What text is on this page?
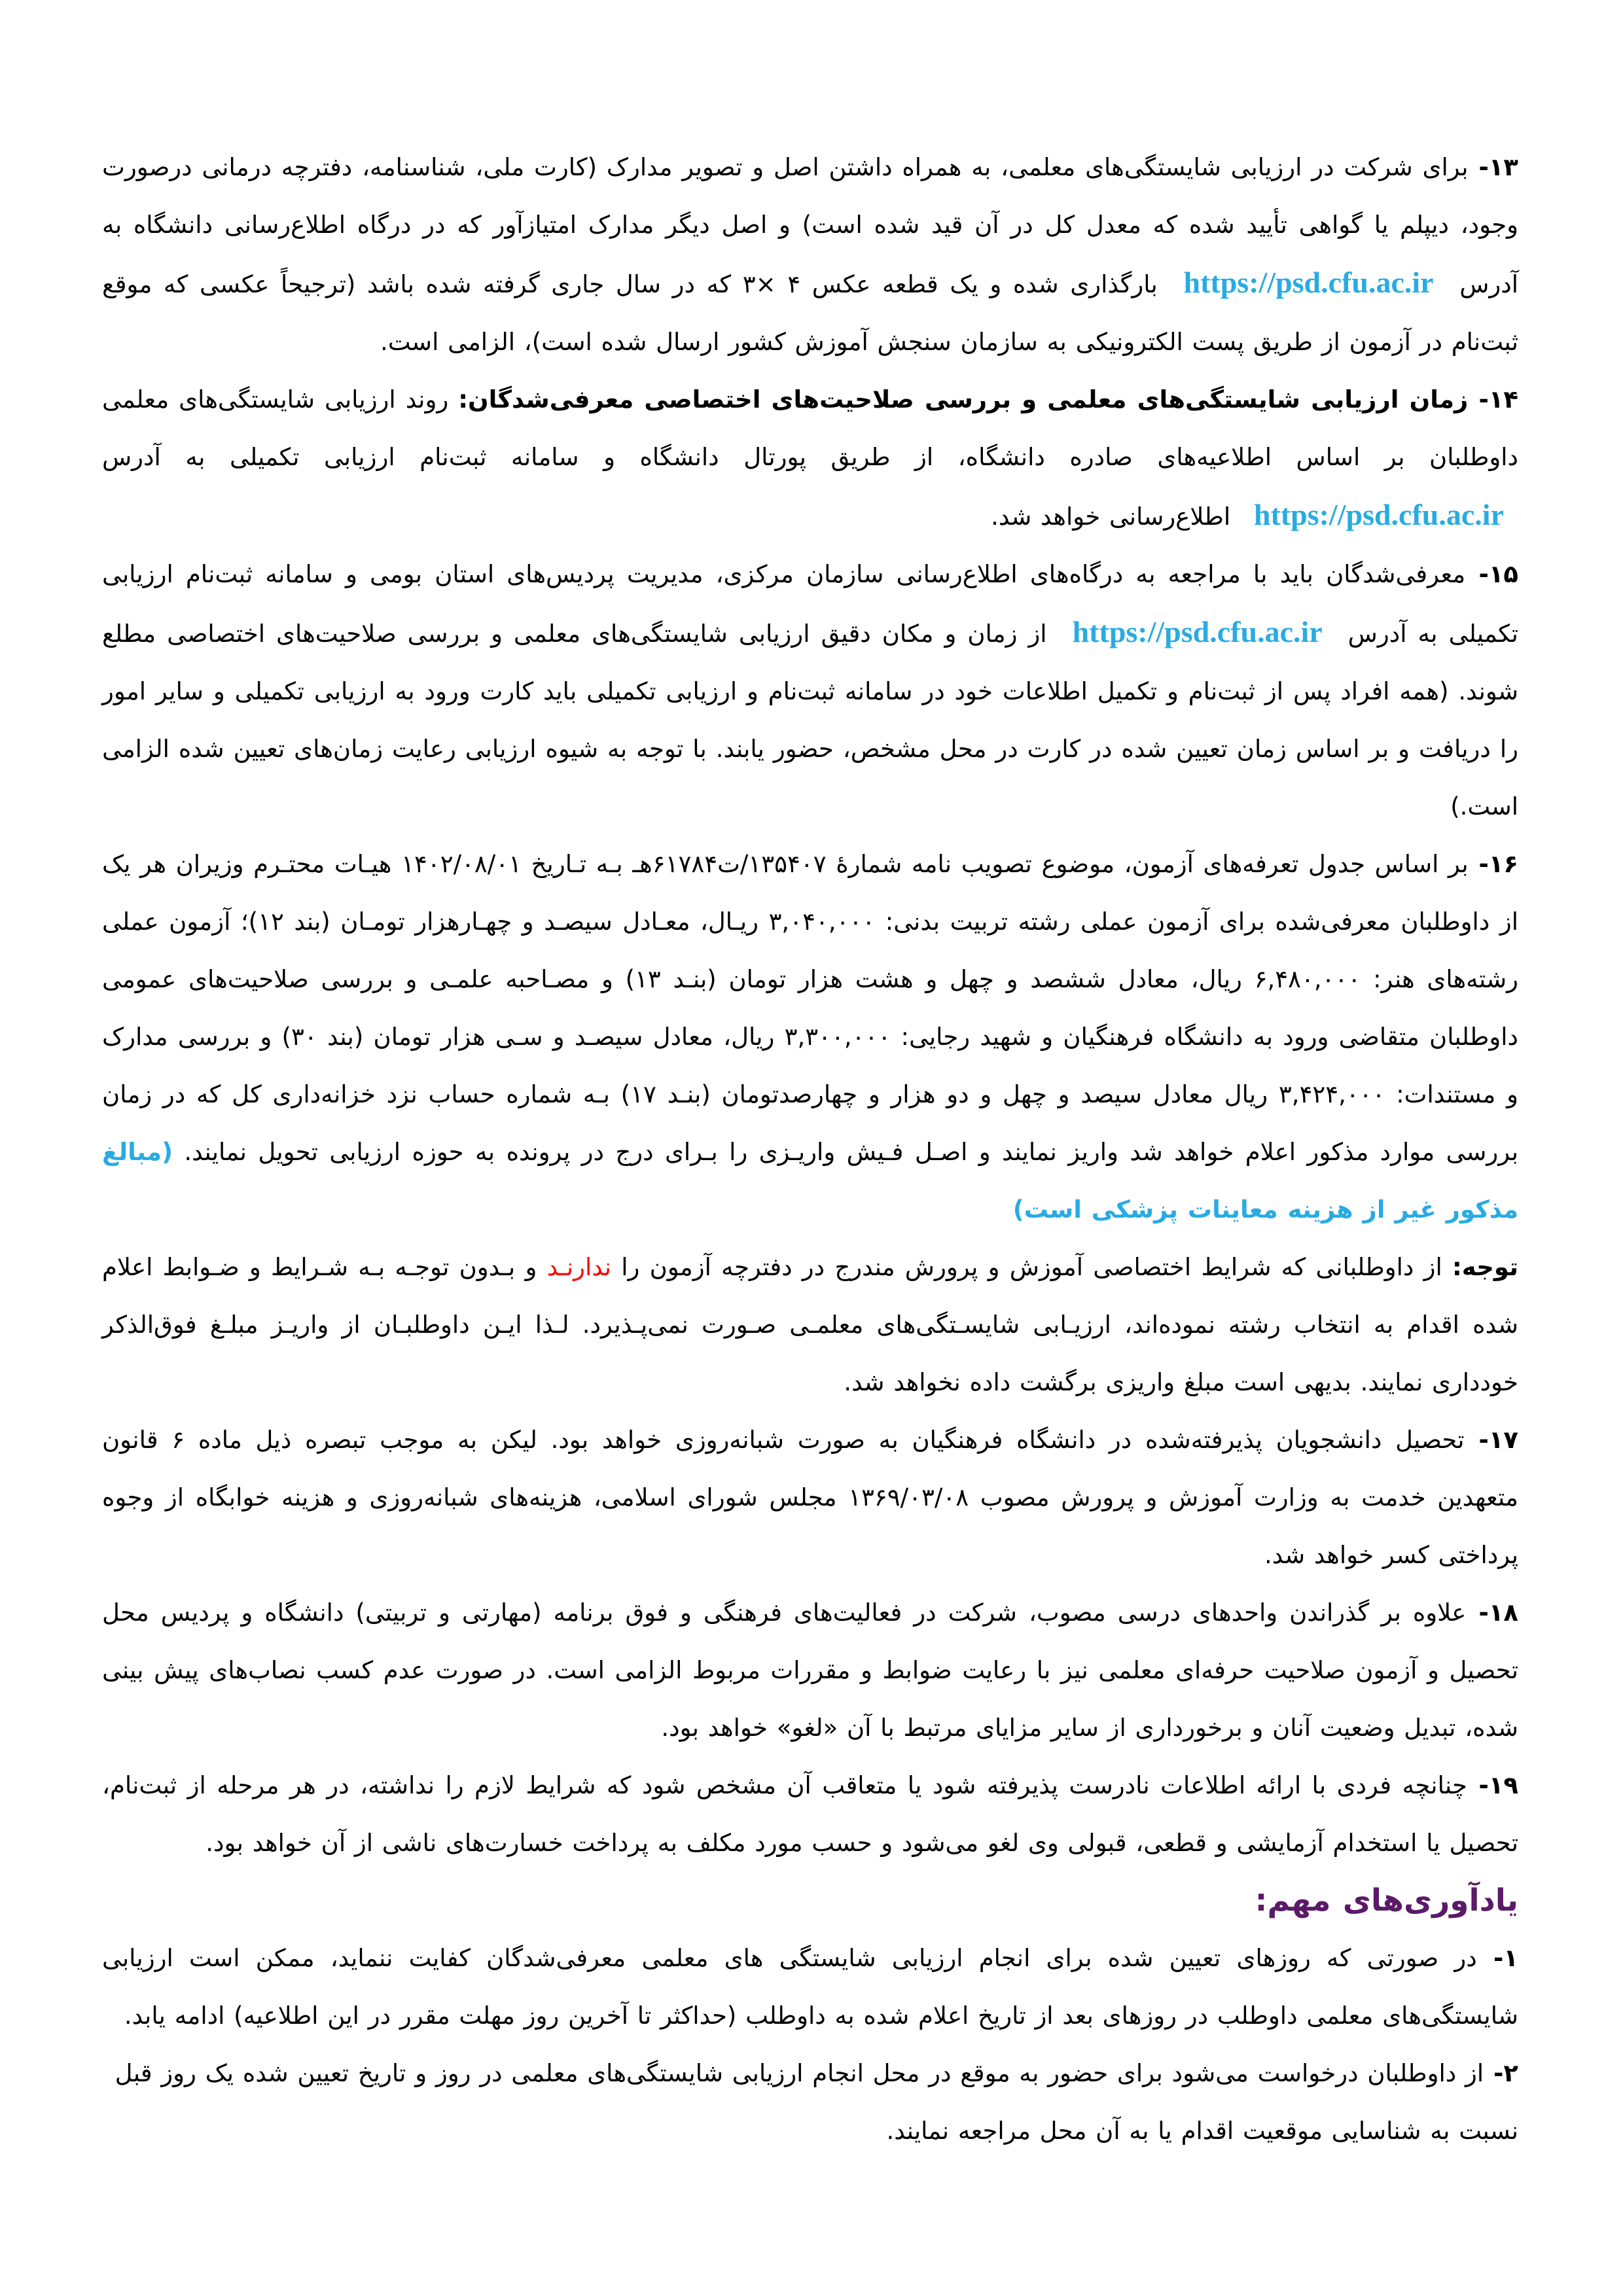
۱۳- برای شرکت در ارزیابی شایستگی‌های معلمی، به همراه داشتن اصل و تصویر مدارک (کارت ملی، شناسنامه، دفترچه درمانی درصورت وجود، دیپلم یا گواهی تأیید شده که معدل کل در آن قید شده است) و اصل دیگر مدارک امتیازآور که در درگاه اطلاع‌رسانی دانشگاه به آدرس https://psd.cfu.ac.ir بارگذاری شده و یک قطعه عکس ۴ ×۳ که در سال جاری گرفته شده باشد (ترجیحاً عکسی که موقع ثبت‌نام در آزمون از طریق پست الکترونیکی به سازمان سنجش آموزش کشور ارسال شده است)، الزامی است.

۱۴- زمان ارزیابی شایستگی‌های معلمی و بررسی صلاحیت‌های اختصاصی معرفی‌شدگان: روند ارزیابی شایستگی‌های معلمی داوطلبان بر اساس اطلاعیه‌های صادره دانشگاه، از طریق پورتال دانشگاه و سامانه ثبت‌نام ارزیابی تکمیلی به آدرس https://psd.cfu.ac.ir اطلاع‌رسانی خواهد شد.

۱۵- معرفی‌شدگان باید با مراجعه به درگاه‌های اطلاع‌رسانی سازمان مرکزی، مدیریت پردیس‌های استان بومی و سامانه ثبت‌نام ارزیابی تکمیلی به آدرس https://psd.cfu.ac.ir از زمان و مکان دقیق ارزیابی شایستگی‌های معلمی و بررسی صلاحیت‌های اختصاصی مطلع شوند. (همه افراد پس از ثبت‌نام و تکمیل اطلاعات خود در سامانه ثبت‌نام و ارزیابی تکمیلی باید کارت ورود به ارزیابی تکمیلی و سایر امور را دریافت و بر اساس زمان تعیین شده در کارت در محل مشخص، حضور یابند. با توجه به شیوه ارزیابی رعایت زمان‌های تعیین شده الزامی است.)

۱۶- بر اساس جدول تعرفه‌های آزمون، موضوع تصویب نامه شمارهٔ ۱۳۵۴۰۷/ت۶۱۷۸۴هـ بـه تـاریخ ۱۴۰۲/۰۸/۰۱ هیـات محتـرم وزیران هر یک از داوطلبان معرفی‌شده برای آزمون عملی رشته تربیت بدنی: ۳,۰۴۰,۰۰۰ ریـال، معـادل سیصـد و چهـارهزار تومـان (بند ۱۲)؛ آزمون عملی رشته‌های هنر: ۶,۴۸۰,۰۰۰ ریال، معادل ششصد و چهل و هشت هزار تومان (بنـد ۱۳) و مصـاحبه علمـی و بررسی صلاحیت‌های عمومی داوطلبان متقاضی ورود به دانشگاه فرهنگیان و شهید رجایی: ۳,۳۰۰,۰۰۰ ریال، معادل سیصـد و سـی هزار تومان (بند ۳۰) و بررسی مدارک و مستندات: ۳,۴۲۴,۰۰۰ ریال معادل سیصد و چهل و دو هزار و چهارصدتومان (بنـد ۱۷) بـه شماره حساب نزد خزانه‌داری کل که در زمان بررسی موارد مذکور اعلام خواهد شد واریز نمایند و اصـل فـیش واریـزی را بـرای درج در پرونده به حوزه ارزیابی تحویل نمایند. (مبالغ مذکور غیر از هزینه معاینات پزشکی است)

توجه: از داوطلبانی که شرایط اختصاصی آموزش و پرورش مندرج در دفترچه آزمون را ندارنـد و بـدون توجـه بـه شـرایط و ضـوابط اعلام شده اقدام به انتخاب رشته نموده‌اند، ارزیـابی شایسـتگی‌های معلمـی صـورت نمی‌پـذیرد. لـذا ایـن داوطلبـان از واریـز مبلـغ فوق‌الذکر خودداری نمایند. بدیهی است مبلغ واریزی برگشت داده نخواهد شد.

۱۷- تحصیل دانشجویان پذیرفته‌شده در دانشگاه فرهنگیان به صورت شبانه‌روزی خواهد بود. لیکن به موجب تبصره ذیل ماده ۶ قانون متعهدین خدمت به وزارت آموزش و پرورش مصوب ۱۳۶۹/۰۳/۰۸ مجلس شورای اسلامی، هزینه‌های شبانه‌روزی و هزینه خوابگاه از وجوه پرداختی کسر خواهد شد.

۱۸- علاوه بر گذراندن واحدهای درسی مصوب، شرکت در فعالیت‌های فرهنگی و فوق برنامه (مهارتی و تربیتی) دانشگاه و پردیس محل تحصیل و آزمون صلاحیت حرفه‌ای معلمی نیز با رعایت ضوابط و مقررات مربوط الزامی است. در صورت عدم کسب نصاب‌های پیش بینی شده، تبدیل وضعیت آنان و برخورداری از سایر مزایای مرتبط با آن «لغو» خواهد بود.

۱۹- چنانچه فردی با ارائه اطلاعات نادرست پذیرفته شود یا متعاقب آن مشخص شود که شرایط لازم را نداشته، در هر مرحله از ثبت‌نام، تحصیل یا استخدام آزمایشی و قطعی، قبولی وی لغو می‌شود و حسب مورد مکلف به پرداخت خسارت‌های ناشی از آن خواهد بود.

یادآوری‌های مهم:

۱- در صورتی که روزهای تعیین شده برای انجام ارزیابی شایستگی های معلمی معرفی‌شدگان کفایت ننماید، ممکن است ارزیابی شایستگی‌های معلمی داوطلب در روزهای بعد از تاریخ اعلام شده به داوطلب (حداکثر تا آخرین روز مهلت مقرر در این اطلاعیه) ادامه یابد.

۲- از داوطلبان درخواست می‌شود برای حضور به موقع در محل انجام ارزیابی شایستگی‌های معلمی در روز و تاریخ تعیین شده یک روز قبل نسبت به شناسایی موقعیت اقدام یا به آن محل مراجعه نمایند.
